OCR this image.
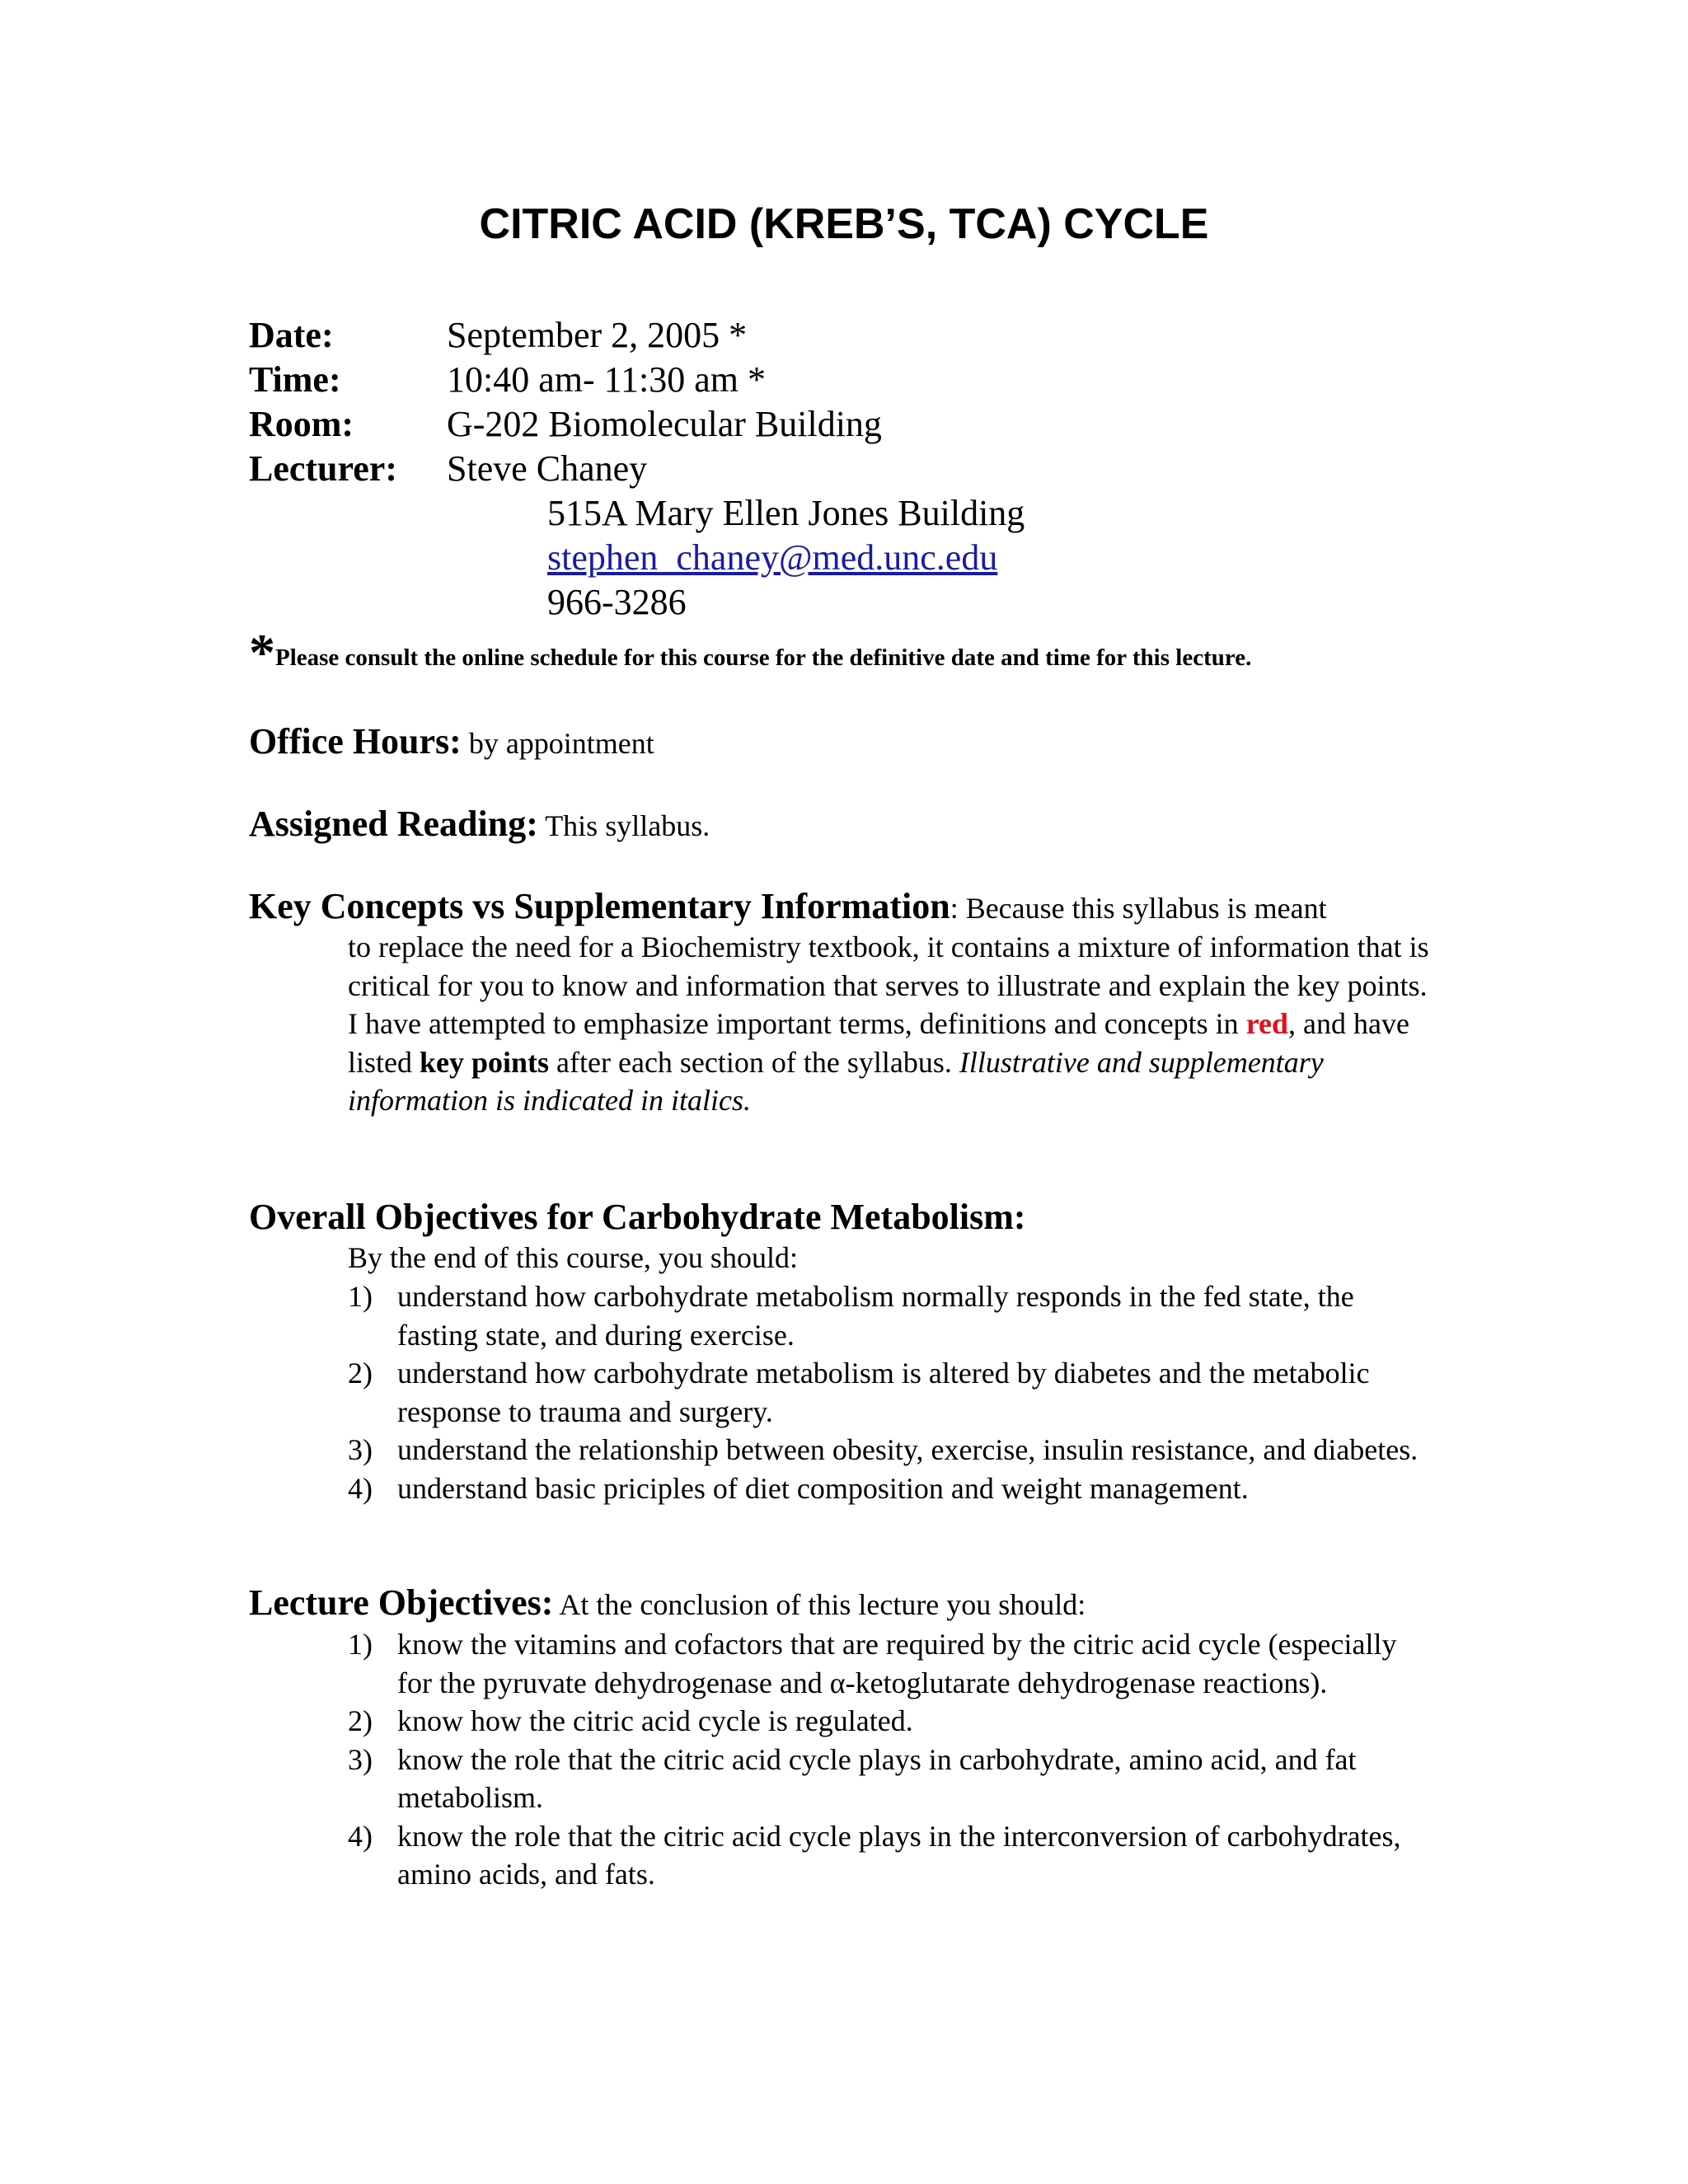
CITRIC ACID (KREB’S, TCA) CYCLE
Date:	September 2, 2005 *
Time:	10:40 am- 11:30 am *
Room:	G-202 Biomolecular Building
Lecturer: Steve Chaney
515A Mary Ellen Jones Building
stephen_chaney@med.unc.edu
966-3286
*Please consult the online schedule for this course for the definitive date and time for this lecture.
Office Hours: by appointment
Assigned Reading: This syllabus.
Key Concepts vs Supplementary Information: Because this syllabus is meant
to replace the need for a Biochemistry textbook, it contains a mixture of information that is critical for you to know and information that serves to illustrate and explain the key points. I have attempted to emphasize important terms, definitions and concepts in red, and have listed key points after each section of the syllabus. Illustrative and supplementary information is indicated in italics.
Overall Objectives for Carbohydrate Metabolism:
By the end of this course, you should:
1) understand how carbohydrate metabolism normally responds in the fed state, the fasting state, and during exercise.
2) understand how carbohydrate metabolism is altered by diabetes and the metabolic response to trauma and surgery.
3) understand the relationship between obesity, exercise, insulin resistance, and diabetes.
4) understand basic priciples of diet composition and weight management.
Lecture Objectives: At the conclusion of this lecture you should:
1) know the vitamins and cofactors that are required by the citric acid cycle (especially for the pyruvate dehydrogenase and α-ketoglutarate dehydrogenase reactions).
2) know how the citric acid cycle is regulated.
3) know the role that the citric acid cycle plays in carbohydrate, amino acid, and fat metabolism.
4) know the role that the citric acid cycle plays in the interconversion of carbohydrates, amino acids, and fats.
